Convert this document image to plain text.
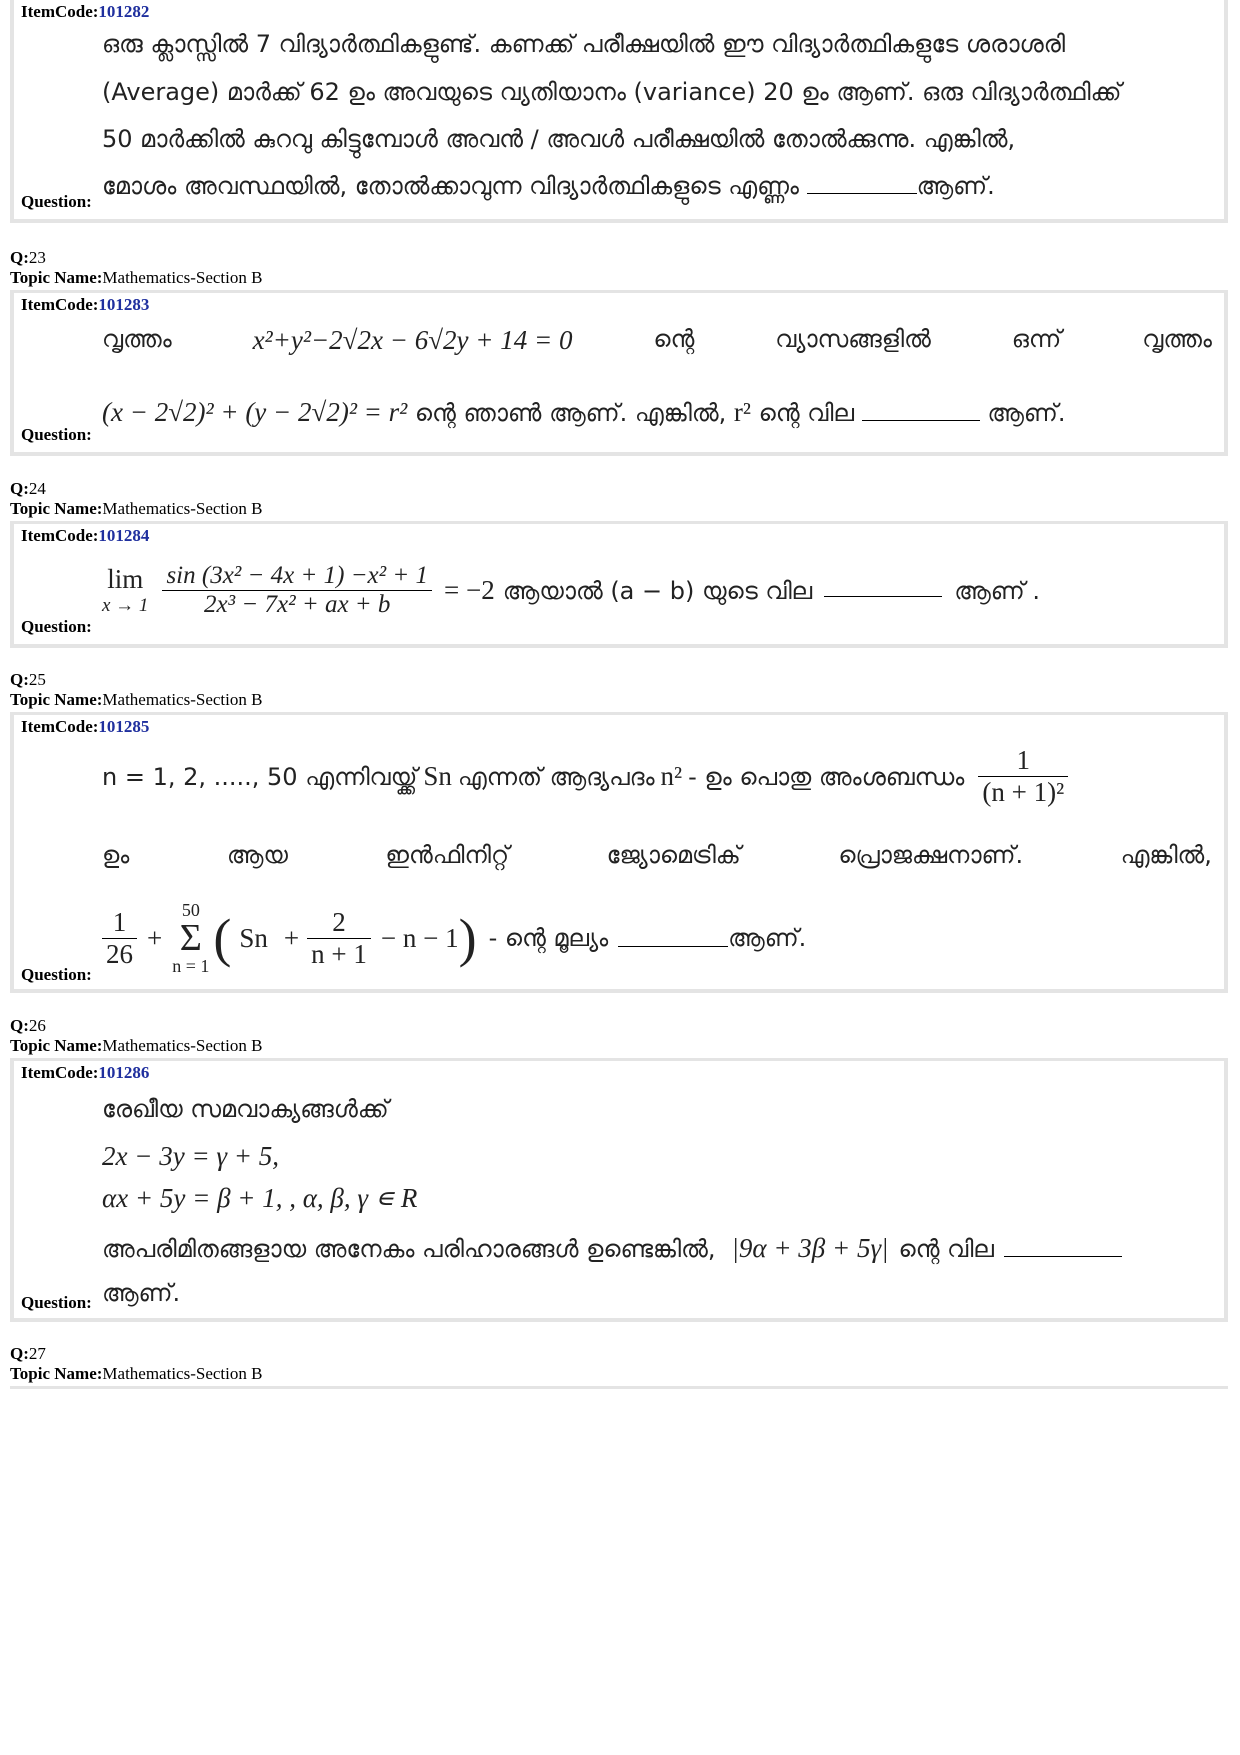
ItemCode:101282
ഒരു ക്ലാസ്സിൽ 7 വിദ്യാർത്ഥികളുണ്ട്. കണക്ക് പരീക്ഷയിൽ ഈ വിദ്യാർത്ഥികളുടേ ശരാശരി
(Average) മാർക്ക് 62 ഉം അവയുടെ വ്യതിയാനം (variance) 20 ഉം ആണ്. ഒരു വിദ്യാർത്ഥിക്ക്
50 മാർക്കിൽ കുറവു കിട്ടുമ്പോൾ അവൻ / അവൾ പരീക്ഷയിൽ തോൽക്കുന്നു. എങ്കിൽ,
മോശം അവസ്ഥയിൽ, തോൽക്കാവുന്ന വിദ്യാർത്ഥികളുടെ എണ്ണം	ആണ്.
Question:
Q:23
Topic Name:Mathematics-Section B
ItemCode:101283
വൃത്തം	x²+y²−2√2x − 6√2y + 14 = 0	ന്റെ	വ്യാസങ്ങളിൽ	ഒന്ന്	വൃത്തം
(x − 2√2)² + (y − 2√2)² = r² ന്റെ ഞാൺ ആണ്. എങ്കിൽ, r² ന്റെ വില	ആണ്.
Question:
Q:24
Topic Name:Mathematics-Section B
ItemCode:101284
lim
$x \to 1 \frac{\text{sin (3x² − 4x + 1) −x² + 1}}{\text{2x³ − 7x² + ax + b}} = -2$ ആയാൽ (a − b) യുടെ വില	ആണ് .
Question:
Q:25
Topic Name:Mathematics-Section B
ItemCode:101285
n = 1, 2, ....., 50 എന്നിവയ്ക്ക് Sn എന്നത് ആദ്യപദം n² - ഉം പൊതു അംശബന്ധം $\frac{1}{\text{(n + 1)²}}$
ഉം	ആയ	ഇൻഫിനിറ്റ്	ജ്യോമെട്രിക്	പ്രൊജക്ഷനാണ്.	എങ്കിൽ,
$\frac{1}{26}$ +
50
Σ
n = 1 ( $Sn + \frac{2}{n + 1} - n - 1$ ) - ന്റെ മൂല്യം	ആണ്.
Question:
Q:26
Topic Name:Mathematics-Section B
ItemCode:101286
രേഖീയ സമവാക്യങ്ങൾക്ക്
2x − 3y = γ + 5,
αx + 5y = β + 1, , α, β, γ ∊ R
അപരിമിതങ്ങളായ അനേകം പരിഹാരങ്ങൾ ഉണ്ടെങ്കിൽ, |9α + 3β + 5γ| ന്റെ വില
ആണ്.
Question:
Q:27
Topic Name:Mathematics-Section B
